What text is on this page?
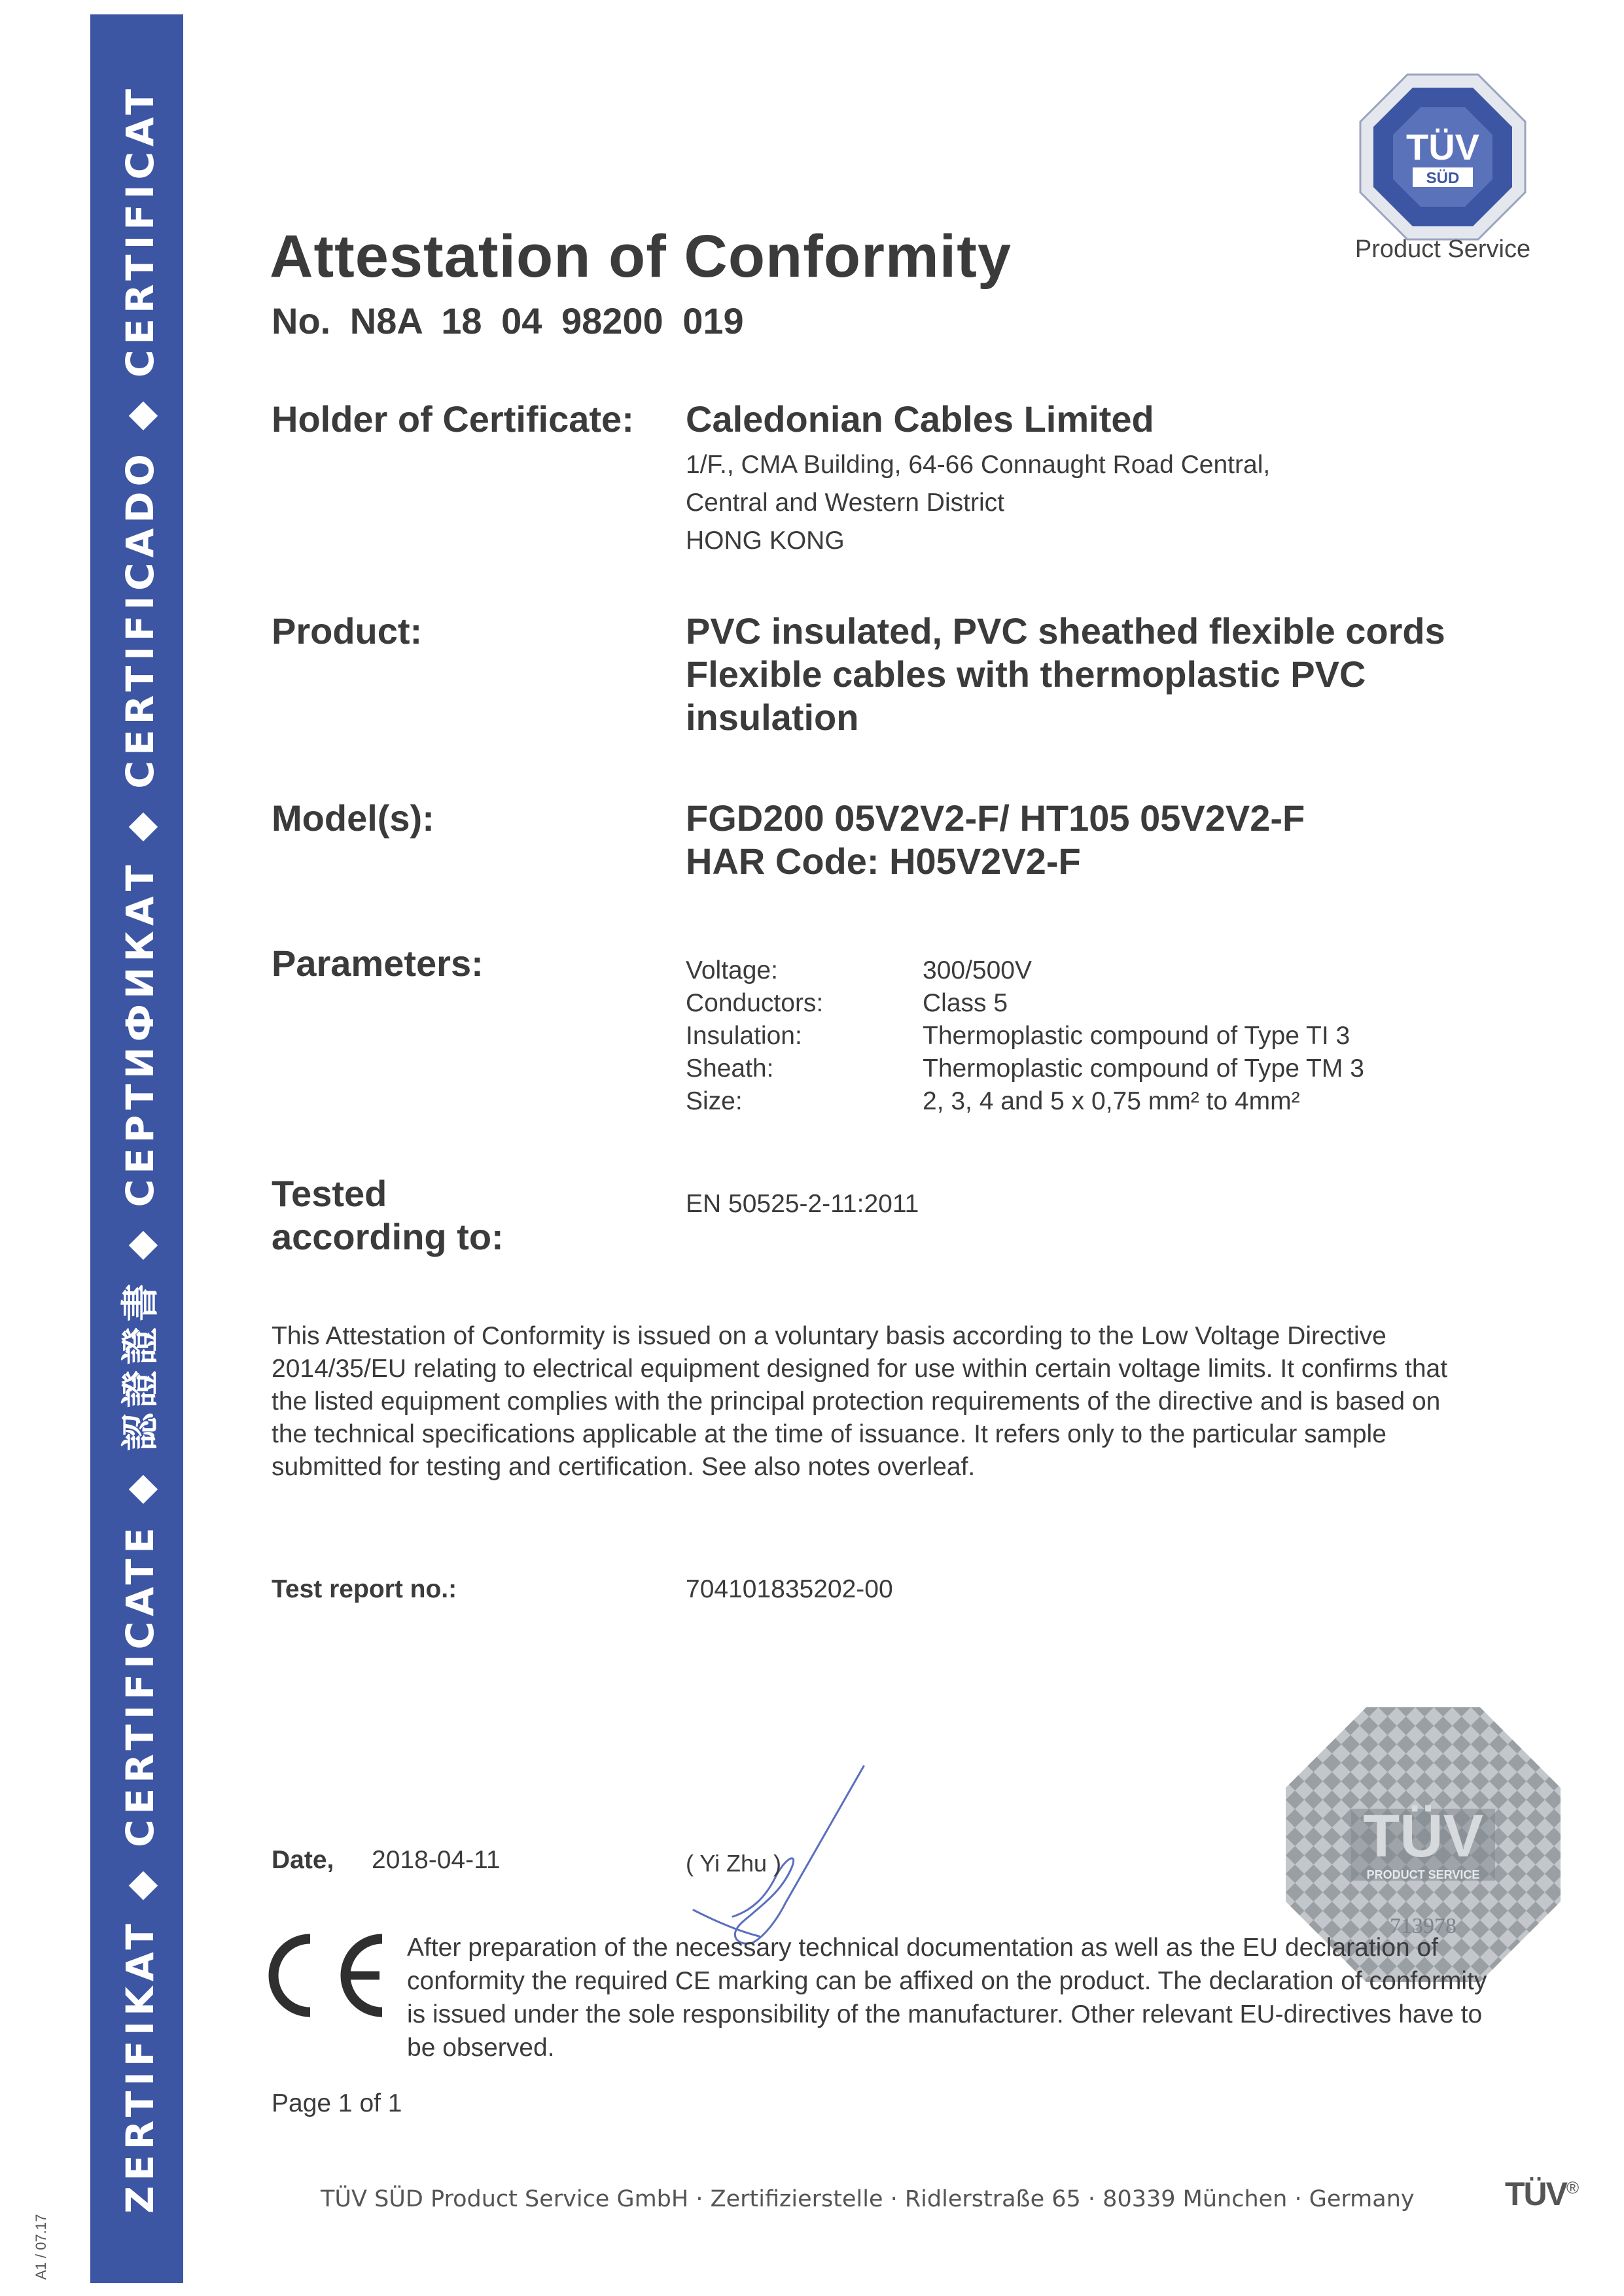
ZERTIFIKAT ◆ CERTIFICATE ◆ 認證證書 ◆ СЕРТИФИКАТ ◆ CERTIFICADO ◆ CERTIFICAT
A1 / 07.17
TÜV
SÜD
Product Service
Attestation of Conformity
No. N8A 18 04 98200 019
Holder of Certificate: Caledonian Cables Limited
1/F., CMA Building, 64-66 Connaught Road Central,
Central and Western District
HONG KONG
Product:	PVC insulated, PVC sheathed flexible cords
Flexible cables with thermoplastic PVC
insulation
Model(s):	FGD200 05V2V2-F/ HT105 05V2V2-F
HAR Code: H05V2V2-F
Parameters:	Voltage:	300/500V
Conductors:	Class 5
Insulation:	Thermoplastic compound of Type TI 3
Sheath:	Thermoplastic compound of Type TM 3
Size:	2, 3, 4 and 5 x 0,75 mm² to 4mm²
Tested
according to:
EN 50525-2-11:2011
This Attestation of Conformity is issued on a voluntary basis according to the Low Voltage Directive 2014/35/EU relating to electrical equipment designed for use within certain voltage limits. It confirms that the listed equipment complies with the principal protection requirements of the directive and is based on the technical specifications applicable at the time of issuance. It refers only to the particular sample submitted for testing and certification. See also notes overleaf.
Test report no.:	704101835202-00
Date, 2018-04-11	( Yi Zhu )	TÜV
PRODUCT SERVICE
713978
After preparation of the necessary technical documentation as well as the EU declaration of conformity the required CE marking can be affixed on the product. The declaration of conformity is issued under the sole responsibility of the manufacturer. Other relevant EU-directives have to be observed.
Page 1 of 1
TÜV SÜD Product Service GmbH · Zertifizierstelle · Ridlerstraße 65 · 80339 München · Germany	TÜV®
